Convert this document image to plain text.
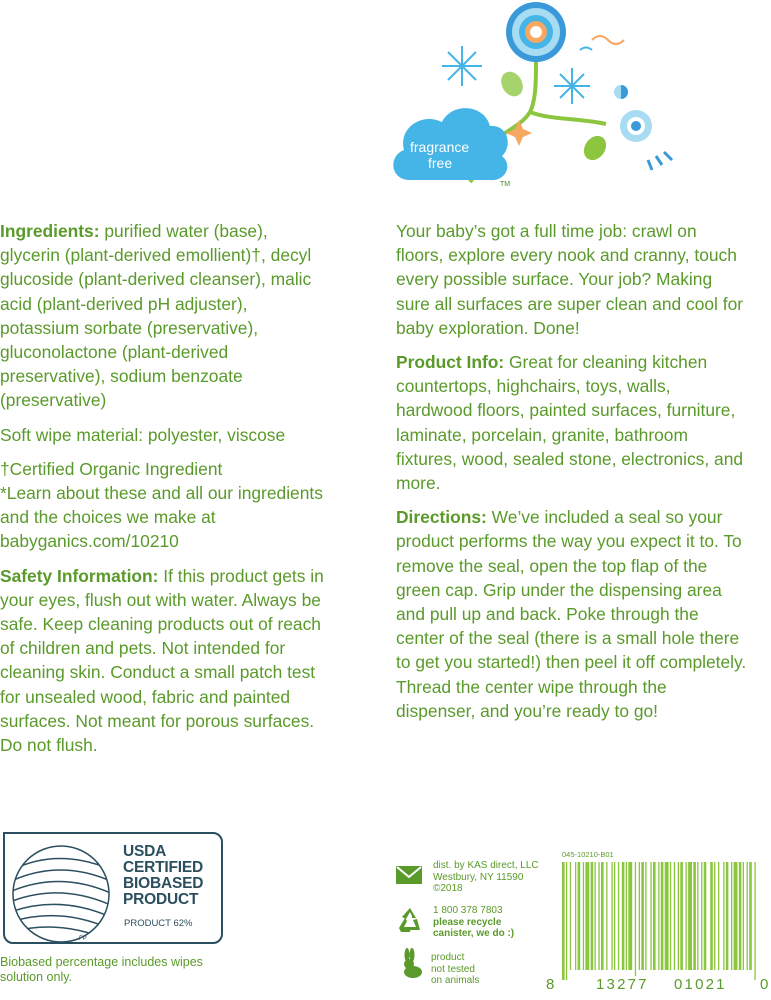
fragrance
free
TM

Ingredients: purified water (base), glycerin (plant-derived emollient)†, decyl glucoside (plant-derived cleanser), malic acid (plant-derived pH adjuster), potassium sorbate (preservative), gluconolactone (plant-derived preservative), sodium benzoate (preservative)

Soft wipe material: polyester, viscose

†Certified Organic Ingredient
*Learn about these and all our ingredients and the choices we make at babyganics.com/10210

Safety Information: If this product gets in your eyes, flush out with water. Always be safe. Keep cleaning products out of reach of children and pets. Not intended for cleaning skin. Conduct a small patch test for unsealed wood, fabric and painted surfaces. Not meant for porous surfaces. Do not flush.

Your baby’s got a full time job: crawl on floors, explore every nook and cranny, touch every possible surface. Your job? Making sure all surfaces are super clean and cool for baby exploration. Done!

Product Info: Great for cleaning kitchen countertops, highchairs, toys, walls, hardwood floors, painted surfaces, furniture, laminate, porcelain, granite, bathroom fixtures, wood, sealed stone, electronics, and more.

Directions: We’ve included a seal so your product performs the way you expect it to. To remove the seal, open the top flap of the green cap. Grip under the dispensing area and pull up and back. Poke through the center of the seal (there is a small hole there to get you started!) then peel it off completely. Thread the center wipe through the dispenser, and you’re ready to go!

USDA
CERTIFIED
BIOBASED
PRODUCT
PRODUCT 62%
FP
Biobased percentage includes wipes solution only.
dist. by KAS direct, LLC
Westbury, NY 11590
©2018
1 800 378 7803
please recycle
canister, we do :)
product
not tested
on animals
045-10210-B01
8	13277 01021 0
